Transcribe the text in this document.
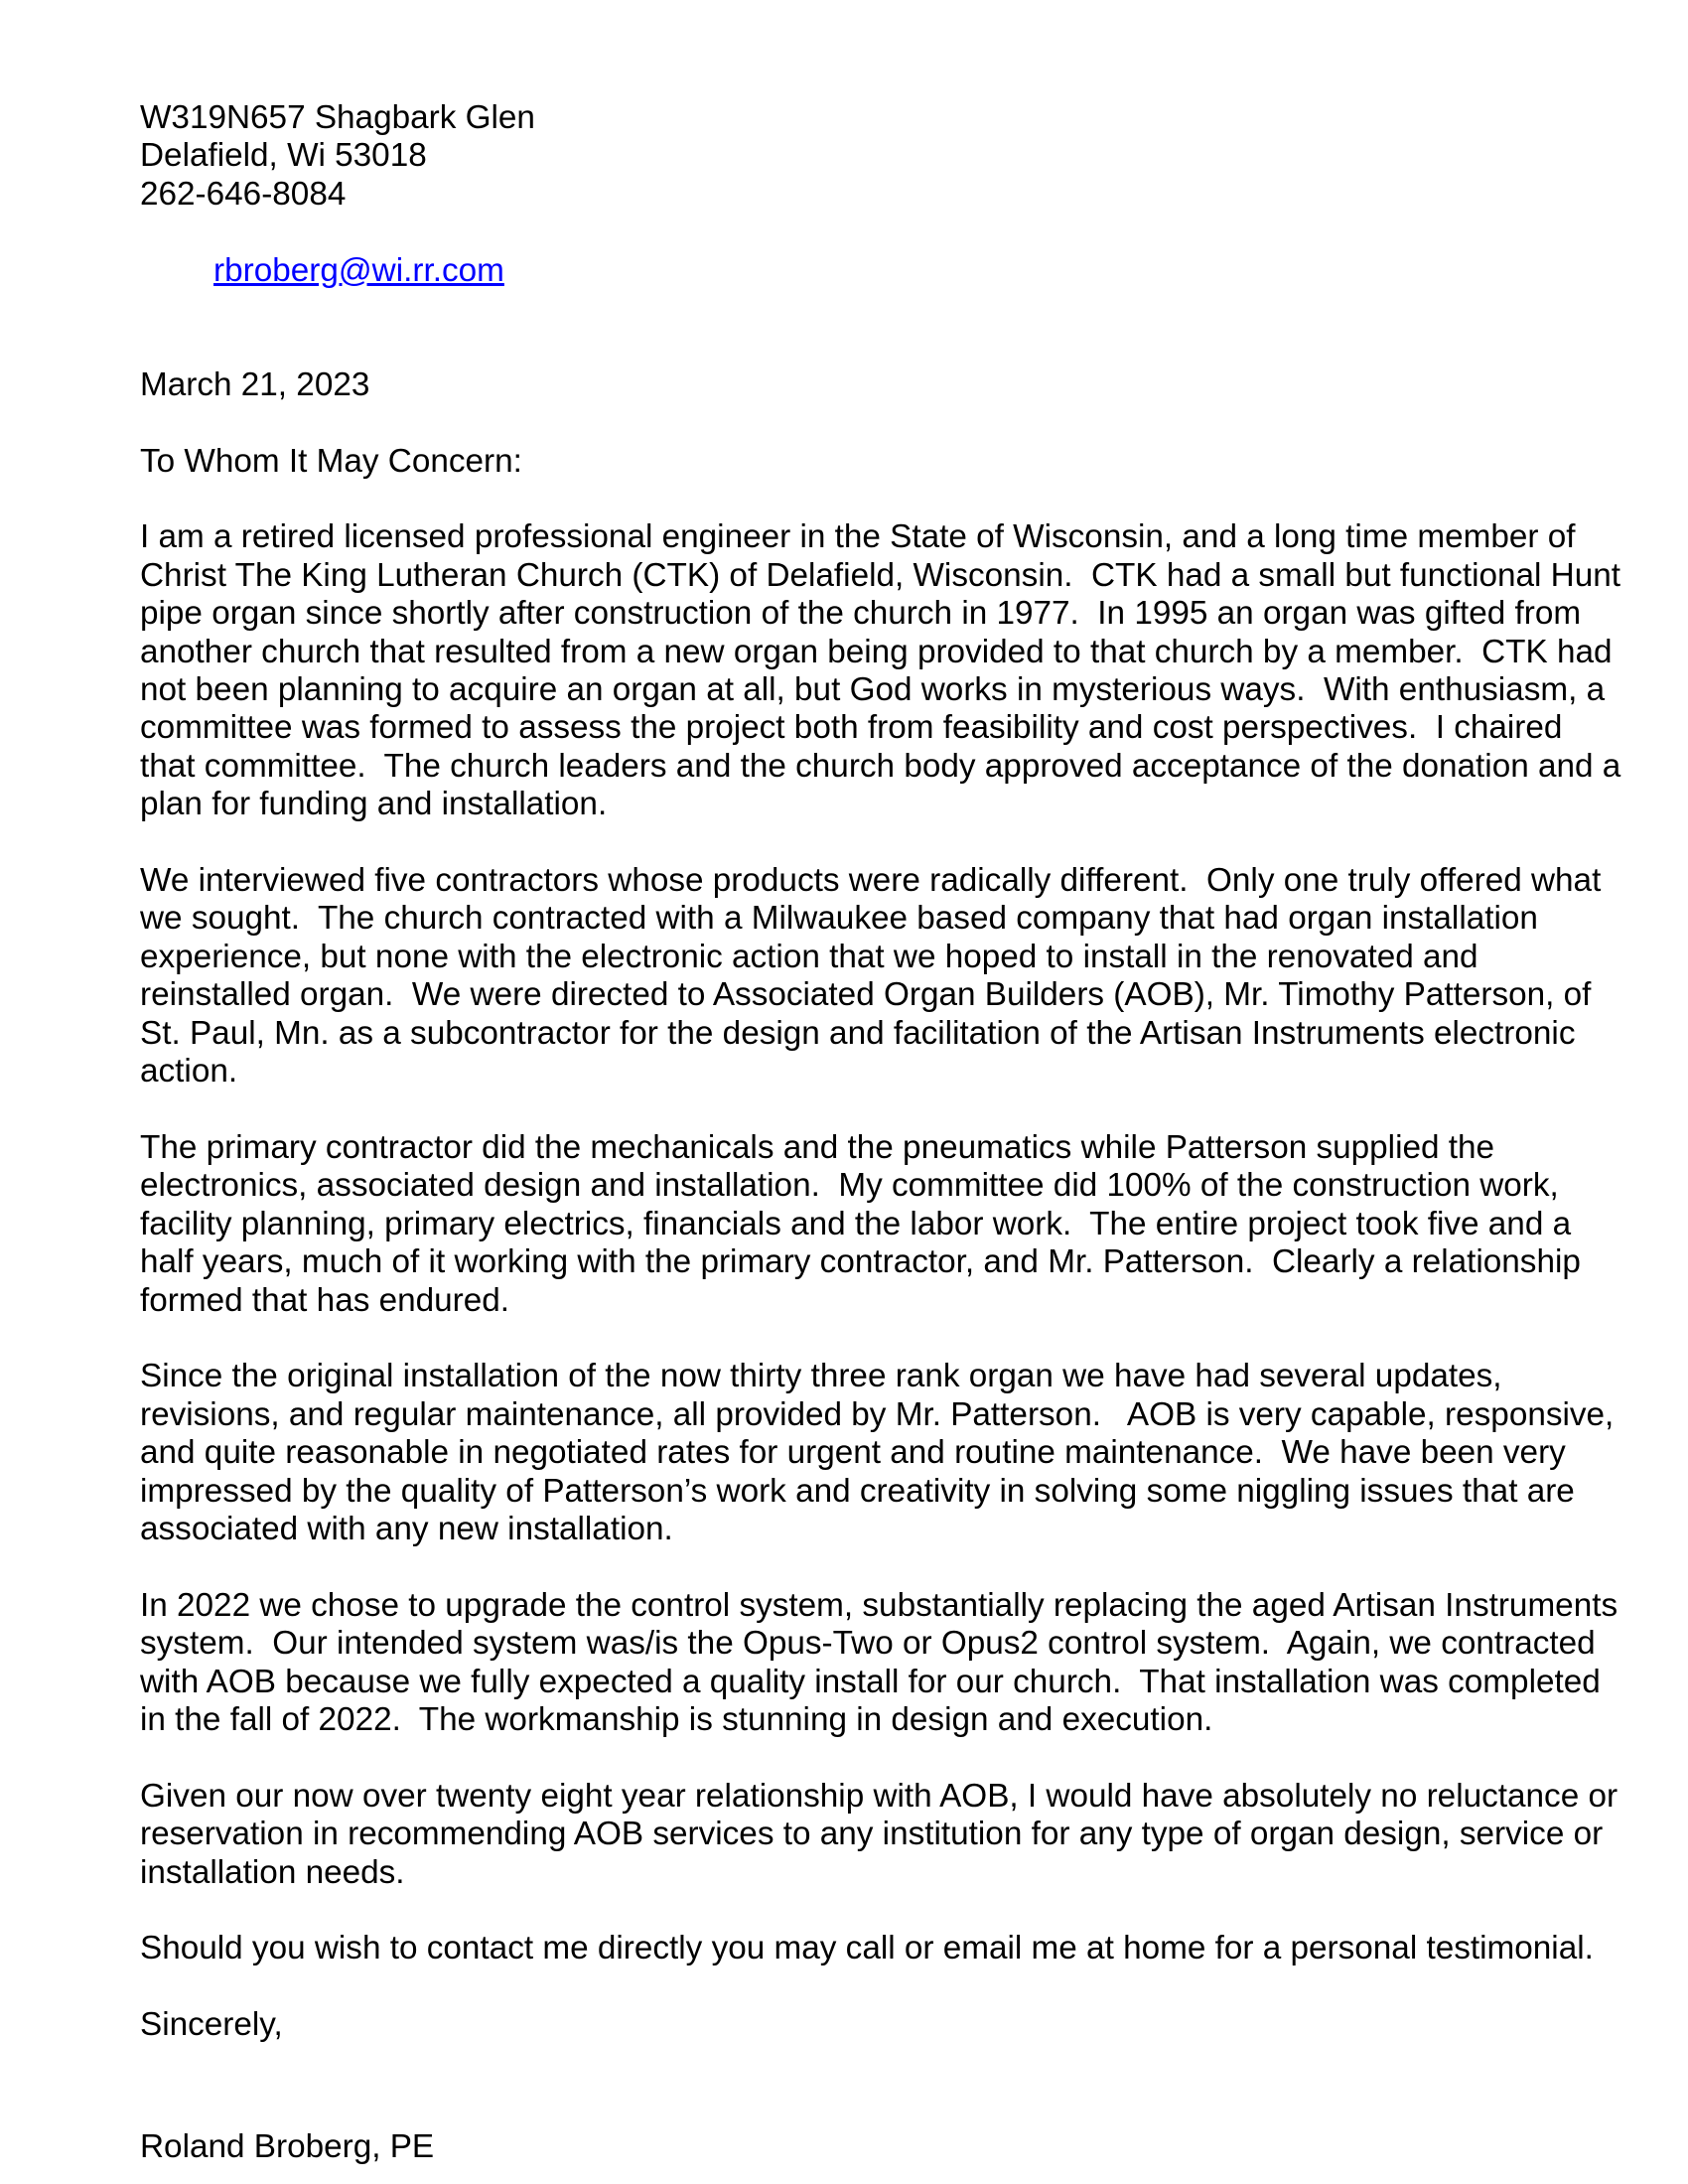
W319N657 Shagbark Glen
Delafield, Wi 53018
262-646-8084

rbroberg@wi.rr.com

March 21, 2023
To Whom It May Concern:
I am a retired licensed professional engineer in the State of Wisconsin, and a long time member of Christ The King Lutheran Church (CTK) of Delafield, Wisconsin.  CTK had a small but functional Hunt pipe organ since shortly after construction of the church in 1977.  In 1995 an organ was gifted from another church that resulted from a new organ being provided to that church by a member.  CTK had not been planning to acquire an organ at all, but God works in mysterious ways.  With enthusiasm, a committee was formed to assess the project both from feasibility and cost perspectives.  I chaired that committee.  The church leaders and the church body approved acceptance of the donation and a plan for funding and installation.
We interviewed five contractors whose products were radically different.  Only one truly offered what we sought.  The church contracted with a Milwaukee based company that had organ installation experience, but none with the electronic action that we hoped to install in the renovated and reinstalled organ.  We were directed to Associated Organ Builders (AOB), Mr. Timothy Patterson, of St. Paul, Mn. as a subcontractor for the design and facilitation of the Artisan Instruments electronic action.
The primary contractor did the mechanicals and the pneumatics while Patterson supplied the electronics, associated design and installation.  My committee did 100% of the construction work, facility planning, primary electrics, financials and the labor work.  The entire project took five and a half years, much of it working with the primary contractor, and Mr. Patterson.  Clearly a relationship formed that has endured.
Since the original installation of the now thirty three rank organ we have had several updates, revisions, and regular maintenance, all provided by Mr. Patterson.   AOB is very capable, responsive, and quite reasonable in negotiated rates for urgent and routine maintenance.  We have been very impressed by the quality of Patterson’s work and creativity in solving some niggling issues that are associated with any new installation.
In 2022 we chose to upgrade the control system, substantially replacing the aged Artisan Instruments system.  Our intended system was/is the Opus-Two or Opus2 control system.  Again, we contracted with AOB because we fully expected a quality install for our church.  That installation was completed in the fall of 2022.  The workmanship is stunning in design and execution.
Given our now over twenty eight year relationship with AOB, I would have absolutely no reluctance or reservation in recommending AOB services to any institution for any type of organ design, service or installation needs.
Should you wish to contact me directly you may call or email me at home for a personal testimonial.
Sincerely,
Roland Broberg, PE
